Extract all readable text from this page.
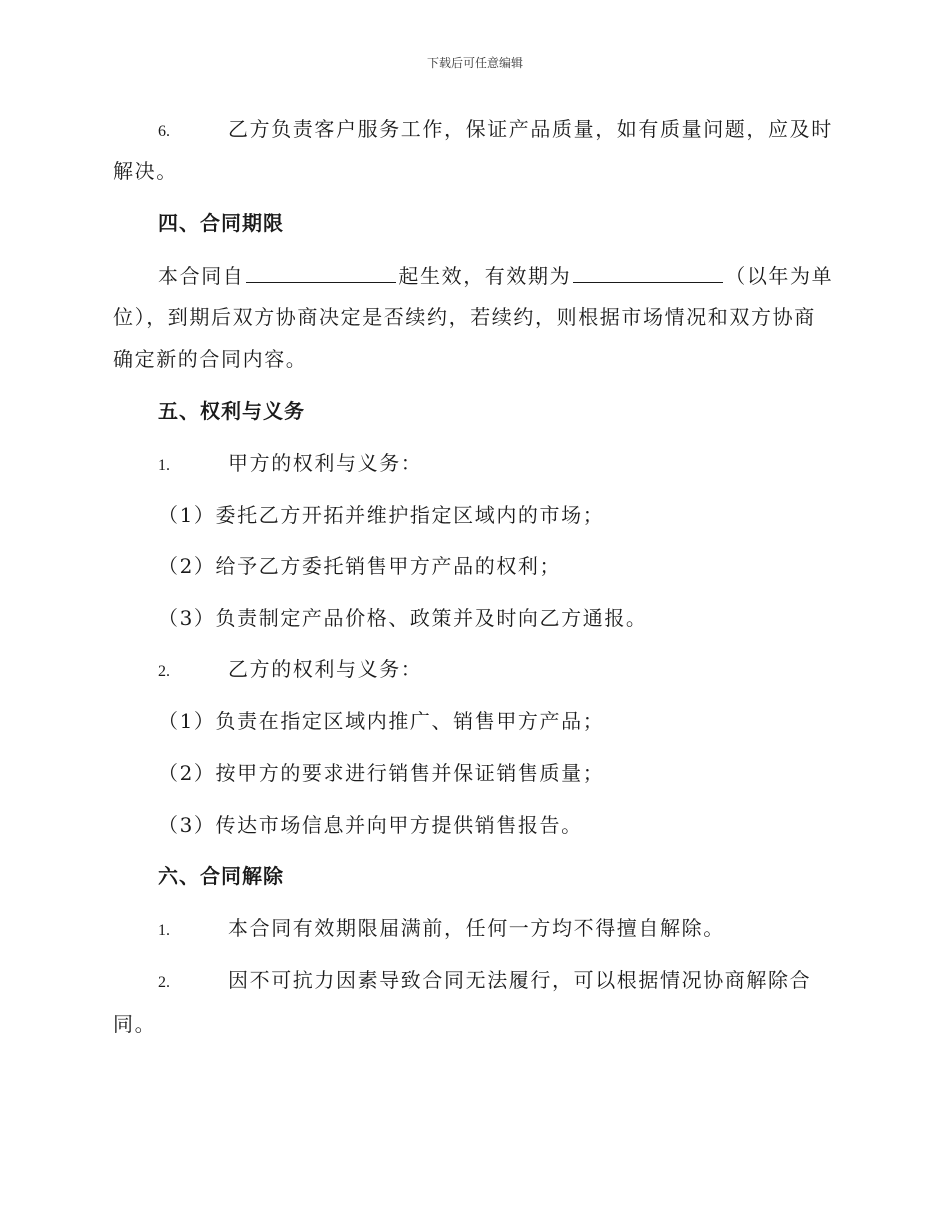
下载后可任意编辑
6.	乙方负责客户服务工作，保证产品质量，如有质量问题，应及时
解决。
四、合同期限
本合同自	起生效，有效期为	（以年为单
位），到期后双方协商决定是否续约，若续约，则根据市场情况和双方协商
确定新的合同内容。
五、权利与义务
1.	甲方的权利与义务：
（1）委托乙方开拓并维护指定区域内的市场；
（2）给予乙方委托销售甲方产品的权利；
（3）负责制定产品价格、政策并及时向乙方通报。
2.	乙方的权利与义务：
（1）负责在指定区域内推广、销售甲方产品；
（2）按甲方的要求进行销售并保证销售质量；
（3）传达市场信息并向甲方提供销售报告。
六、合同解除
1.	本合同有效期限届满前，任何一方均不得擅自解除。
2.	因不可抗力因素导致合同无法履行，可以根据情况协商解除合
同。
